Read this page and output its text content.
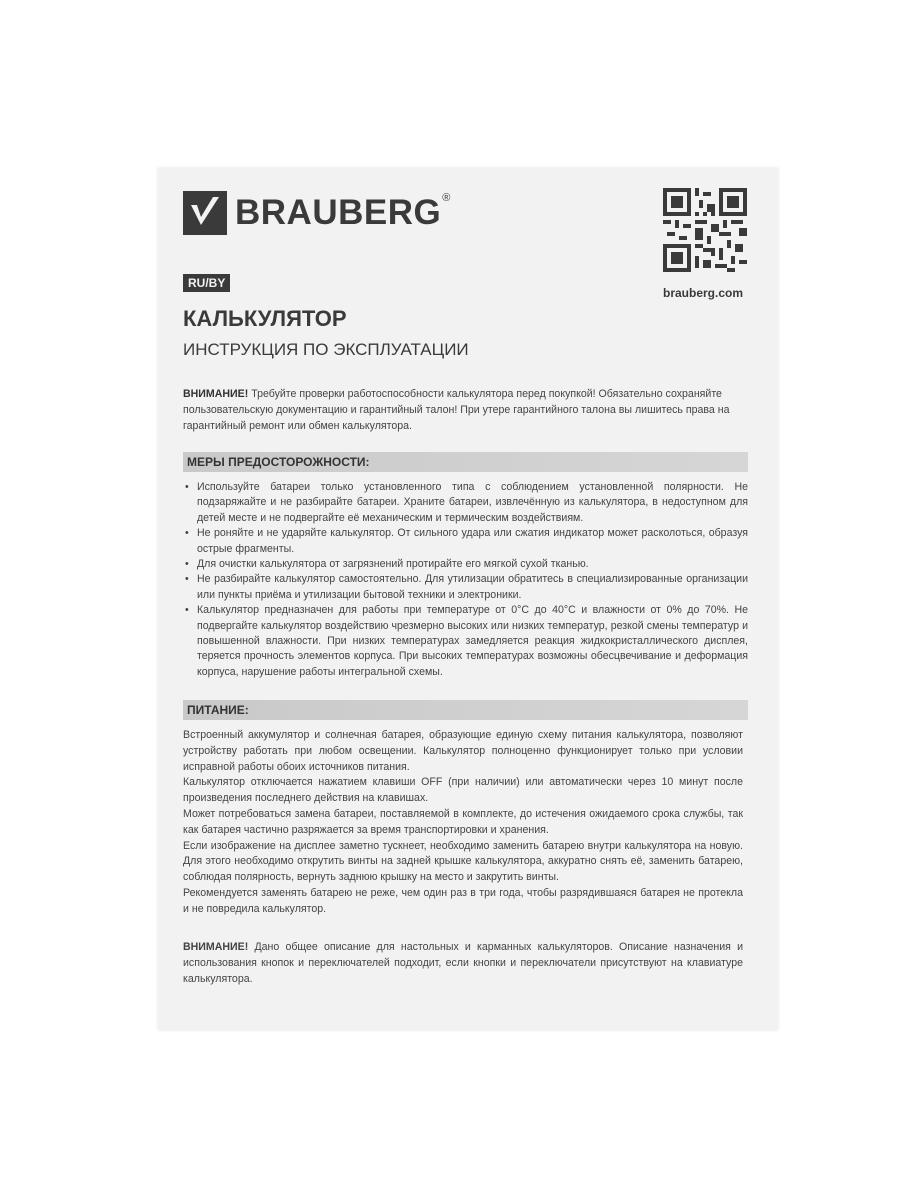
BRAUBERG ®
brauberg.com
RU/BY
КАЛЬКУЛЯТОР
ИНСТРУКЦИЯ ПО ЭКСПЛУАТАЦИИ
ВНИМАНИЕ! Требуйте проверки работоспособности калькулятора перед покупкой! Обязательно сохраняйте пользовательскую документацию и гарантийный талон! При утере гарантийного талона вы лишитесь права на гарантийный ремонт или обмен калькулятора.
МЕРЫ ПРЕДОСТОРОЖНОСТИ:
• Используйте батареи только установленного типа с соблюдением установленной полярности. Не подзаряжайте и не разбирайте батареи. Храните батареи, извлечённую из калькулятора, в недоступном для детей месте и не подвергайте её механическим и термическим воздействиям.
• Не роняйте и не ударяйте калькулятор. От сильного удара или сжатия индикатор может расколоться, образуя острые фрагменты.
• Для очистки калькулятора от загрязнений протирайте его мягкой сухой тканью.
• Не разбирайте калькулятор самостоятельно. Для утилизации обратитесь в специализированные организации или пункты приёма и утилизации бытовой техники и электроники.
• Калькулятор предназначен для работы при температуре от 0°С до 40°С и влажности от 0% до 70%. Не подвергайте калькулятор воздействию чрезмерно высоких или низких температур, резкой смены температур и повышенной влажности. При низких температурах замедляется реакция жидкокристаллического дисплея, теряется прочность элементов корпуса. При высоких температурах возможны обесцвечивание и деформация корпуса, нарушение работы интегральной схемы.
ПИТАНИЕ:

Встроенный аккумулятор и солнечная батарея, образующие единую схему питания калькулятора, позволяют устройству работать при любом освещении. Калькулятор полноценно функционирует только при условии исправной работы обоих источников питания.

Калькулятор отключается нажатием клавиши OFF (при наличии) или автоматически через 10 минут после произведения последнего действия на клавишах.

Может потребоваться замена батареи, поставляемой в комплекте, до истечения ожидаемого срока службы, так как батарея частично разряжается за время транспортировки и хранения.

Если изображение на дисплее заметно тускнеет, необходимо заменить батарею внутри калькулятора на новую. Для этого необходимо открутить винты на задней крышке калькулятора, аккуратно снять её, заменить батарею, соблюдая полярность, вернуть заднюю крышку на место и закрутить винты.

Рекомендуется заменять батарею не реже, чем один раз в три года, чтобы разрядившаяся батарея не протекла и не повредила калькулятор.

ВНИМАНИЕ! Дано общее описание для настольных и карманных калькуляторов. Описание назначения и использования кнопок и переключателей подходит, если кнопки и переключатели присутствуют на клавиатуре калькулятора.
